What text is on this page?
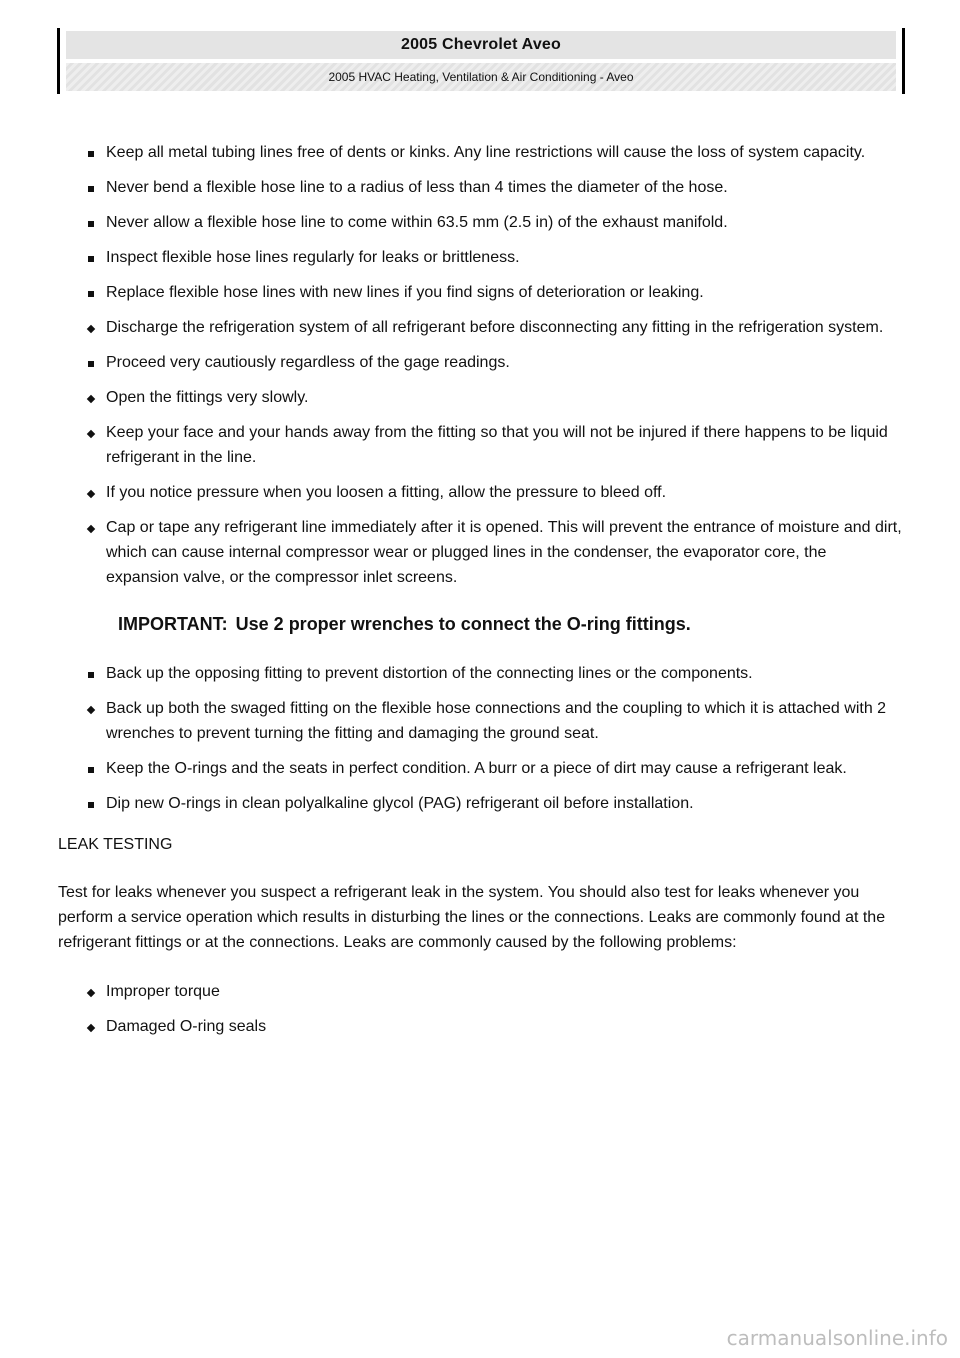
2005 Chevrolet Aveo
2005 HVAC Heating, Ventilation & Air Conditioning - Aveo
Keep all metal tubing lines free of dents or kinks. Any line restrictions will cause the loss of system capacity.
Never bend a flexible hose line to a radius of less than 4 times the diameter of the hose.
Never allow a flexible hose line to come within 63.5 mm (2.5 in) of the exhaust manifold.
Inspect flexible hose lines regularly for leaks or brittleness.
Replace flexible hose lines with new lines if you find signs of deterioration or leaking.
Discharge the refrigeration system of all refrigerant before disconnecting any fitting in the refrigeration system.
Proceed very cautiously regardless of the gage readings.
Open the fittings very slowly.
Keep your face and your hands away from the fitting so that you will not be injured if there happens to be liquid refrigerant in the line.
If you notice pressure when you loosen a fitting, allow the pressure to bleed off.
Cap or tape any refrigerant line immediately after it is opened. This will prevent the entrance of moisture and dirt, which can cause internal compressor wear or plugged lines in the condenser, the evaporator core, the expansion valve, or the compressor inlet screens.
IMPORTANT: Use 2 proper wrenches to connect the O-ring fittings.
Back up the opposing fitting to prevent distortion of the connecting lines or the components.
Back up both the swaged fitting on the flexible hose connections and the coupling to which it is attached with 2 wrenches to prevent turning the fitting and damaging the ground seat.
Keep the O-rings and the seats in perfect condition. A burr or a piece of dirt may cause a refrigerant leak.
Dip new O-rings in clean polyalkaline glycol (PAG) refrigerant oil before installation.
LEAK TESTING
Test for leaks whenever you suspect a refrigerant leak in the system. You should also test for leaks whenever you perform a service operation which results in disturbing the lines or the connections. Leaks are commonly found at the refrigerant fittings or at the connections. Leaks are commonly caused by the following problems:
Improper torque
Damaged O-ring seals
carmanualsonline.info
